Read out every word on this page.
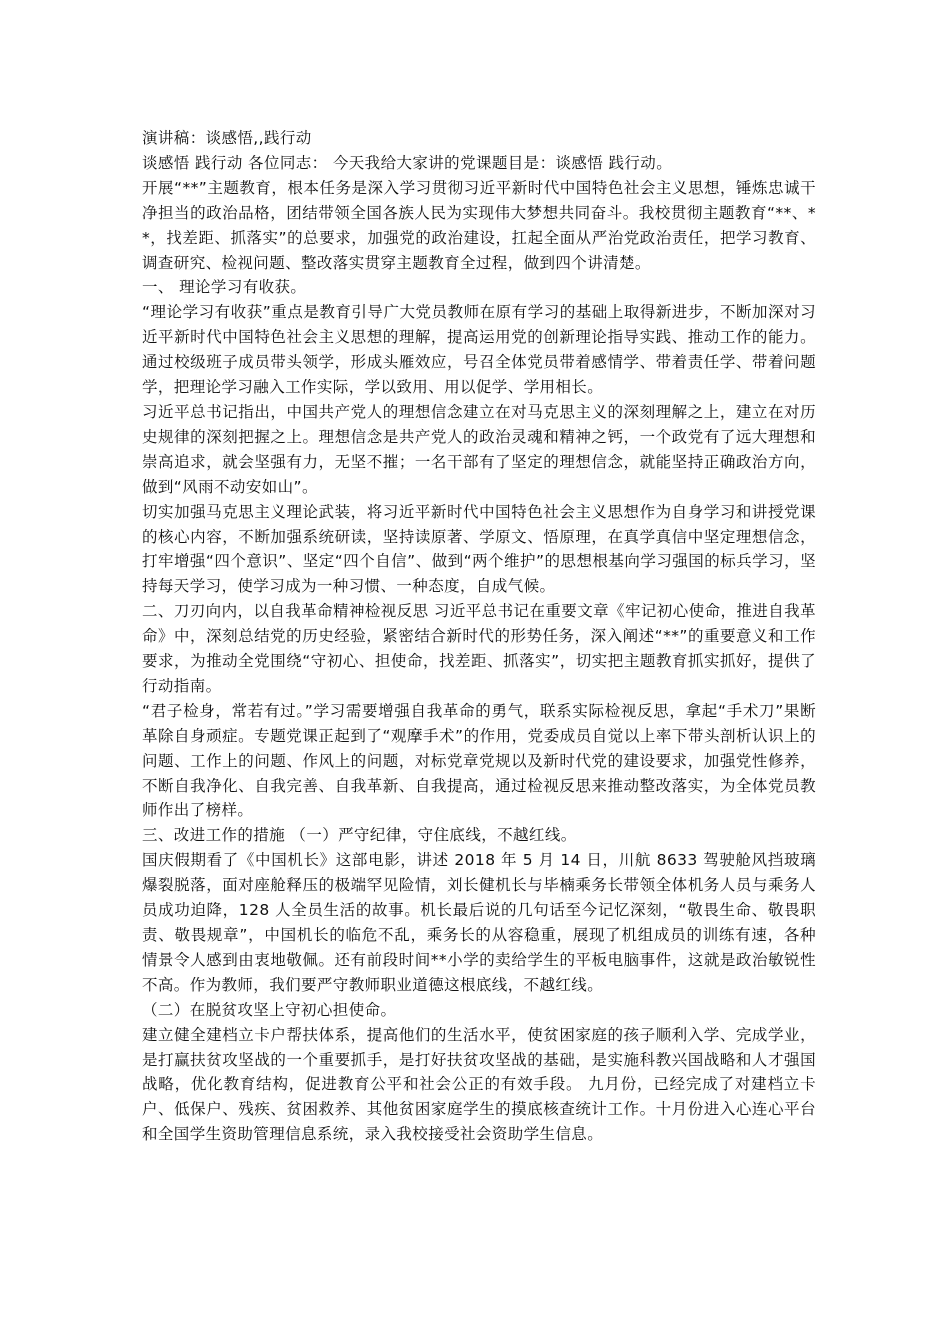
演讲稿：谈感悟,,践行动

谈感悟 践行动 各位同志： 今天我给大家讲的党课题目是：谈感悟 践行动。

开展“**”主题教育，根本任务是深入学习贯彻习近平新时代中国特色社会主义思想，锤炼忠诚干净担当的政治品格，团结带领全国各族人民为实现伟大梦想共同奋斗。我校贯彻主题教育“**、**，找差距、抓落实”的总要求，加强党的政治建设，扛起全面从严治党政治责任，把学习教育、调查研究、检视问题、整改落实贯穿主题教育全过程，做到四个讲清楚。

一、 理论学习有收获。

“理论学习有收获”重点是教育引导广大党员教师在原有学习的基础上取得新进步，不断加深对习近平新时代中国特色社会主义思想的理解，提高运用党的创新理论指导实践、推动工作的能力。通过校级班子成员带头领学，形成头雁效应，号召全体党员带着感情学、带着责任学、带着问题学，把理论学习融入工作实际，学以致用、用以促学、学用相长。

习近平总书记指出，中国共产党人的理想信念建立在对马克思主义的深刻理解之上，建立在对历史规律的深刻把握之上。理想信念是共产党人的政治灵魂和精神之钙，一个政党有了远大理想和崇高追求，就会坚强有力，无坚不摧；一名干部有了坚定的理想信念，就能坚持正确政治方向，做到“风雨不动安如山”。

切实加强马克思主义理论武装，将习近平新时代中国特色社会主义思想作为自身学习和讲授党课的核心内容，不断加强系统研读，坚持读原著、学原文、悟原理，在真学真信中坚定理想信念，打牢增强“四个意识”、坚定“四个自信”、做到“两个维护”的思想根基向学习强国的标兵学习，坚持每天学习，使学习成为一种习惯、一种态度，自成气候。

二、刀刃向内，以自我革命精神检视反思 习近平总书记在重要文章《牢记初心使命，推进自我革命》中，深刻总结党的历史经验，紧密结合新时代的形势任务，深入阐述“**”的重要意义和工作要求，为推动全党围绕“守初心、担使命，找差距、抓落实”，切实把主题教育抓实抓好，提供了行动指南。

“君子检身，常若有过。”学习需要增强自我革命的勇气，联系实际检视反思，拿起“手术刀”果断革除自身顽症。专题党课正起到了“观摩手术”的作用，党委成员自觉以上率下带头剖析认识上的问题、工作上的问题、作风上的问题，对标党章党规以及新时代党的建设要求，加强党性修养，不断自我净化、自我完善、自我革新、自我提高，通过检视反思来推动整改落实，为全体党员教师作出了榜样。

三、改进工作的措施 （一）严守纪律，守住底线，不越红线。

国庆假期看了《中国机长》这部电影，讲述 2018 年 5 月 14 日，川航 8633 驾驶舱风挡玻璃爆裂脱落，面对座舱释压的极端罕见险情，刘长健机长与毕楠乘务长带领全体机务人员与乘务人员成功迫降，128 人全员生活的故事。机长最后说的几句话至今记忆深刻，“敬畏生命、敬畏职责、敬畏规章”，中国机长的临危不乱，乘务长的从容稳重，展现了机组成员的训练有速，各种情景令人感到由衷地敬佩。还有前段时间**小学的卖给学生的平板电脑事件，这就是政治敏锐性不高。作为教师，我们要严守教师职业道德这根底线，不越红线。

（二）在脱贫攻坚上守初心担使命。

建立健全建档立卡户帮扶体系，提高他们的生活水平，使贫困家庭的孩子顺利入学、完成学业，是打赢扶贫攻坚战的一个重要抓手，是打好扶贫攻坚战的基础，是实施科教兴国战略和人才强国战略，优化教育结构，促进教育公平和社会公正的有效手段。 九月份，已经完成了对建档立卡户、低保户、残疾、贫困救养、其他贫困家庭学生的摸底核查统计工作。十月份进入心连心平台和全国学生资助管理信息系统，录入我校接受社会资助学生信息。
